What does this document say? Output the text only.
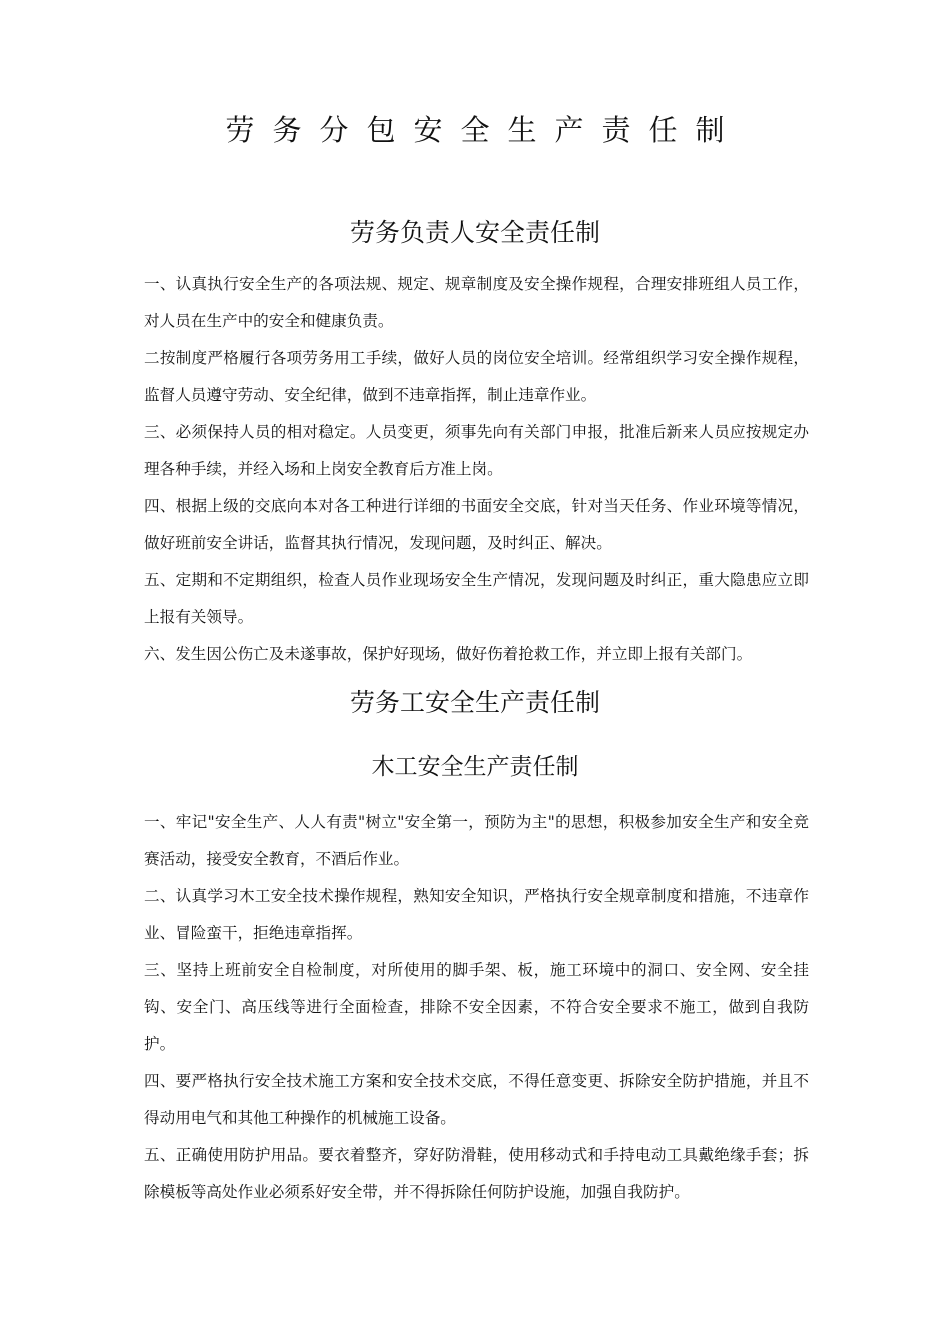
劳务分包安全生产责任制
劳务负责人安全责任制

一、认真执行安全生产的各项法规、规定、规章制度及安全操作规程，合理安排班组人员工作，对人员在生产中的安全和健康负责。

二按制度严格履行各项劳务用工手续，做好人员的岗位安全培训。经常组织学习安全操作规程，监督人员遵守劳动、安全纪律，做到不违章指挥，制止违章作业。

三、必须保持人员的相对稳定。人员变更，须事先向有关部门申报，批准后新来人员应按规定办理各种手续，并经入场和上岗安全教育后方准上岗。

四、根据上级的交底向本对各工种进行详细的书面安全交底，针对当天任务、作业环境等情况，做好班前安全讲话，监督其执行情况，发现问题，及时纠正、解决。

五、定期和不定期组织，检查人员作业现场安全生产情况，发现问题及时纠正，重大隐患应立即上报有关领导。

六、发生因公伤亡及未遂事故，保护好现场，做好伤着抢救工作，并立即上报有关部门。

劳务工安全生产责任制
木工安全生产责任制

一、牢记"安全生产、人人有责"树立"安全第一，预防为主"的思想，积极参加安全生产和安全竞赛活动，接受安全教育，不酒后作业。

二、认真学习木工安全技术操作规程，熟知安全知识，严格执行安全规章制度和措施，不违章作业、冒险蛮干，拒绝违章指挥。

三、坚持上班前安全自检制度，对所使用的脚手架、板，施工环境中的洞口、安全网、安全挂钩、安全门、高压线等进行全面检查，排除不安全因素，不符合安全要求不施工，做到自我防护。

四、要严格执行安全技术施工方案和安全技术交底，不得任意变更、拆除安全防护措施，并且不得动用电气和其他工种操作的机械施工设备。

五、正确使用防护用品。要衣着整齐，穿好防滑鞋，使用移动式和手持电动工具戴绝缘手套；拆除模板等高处作业必须系好安全带，并不得拆除任何防护设施，加强自我防护。
